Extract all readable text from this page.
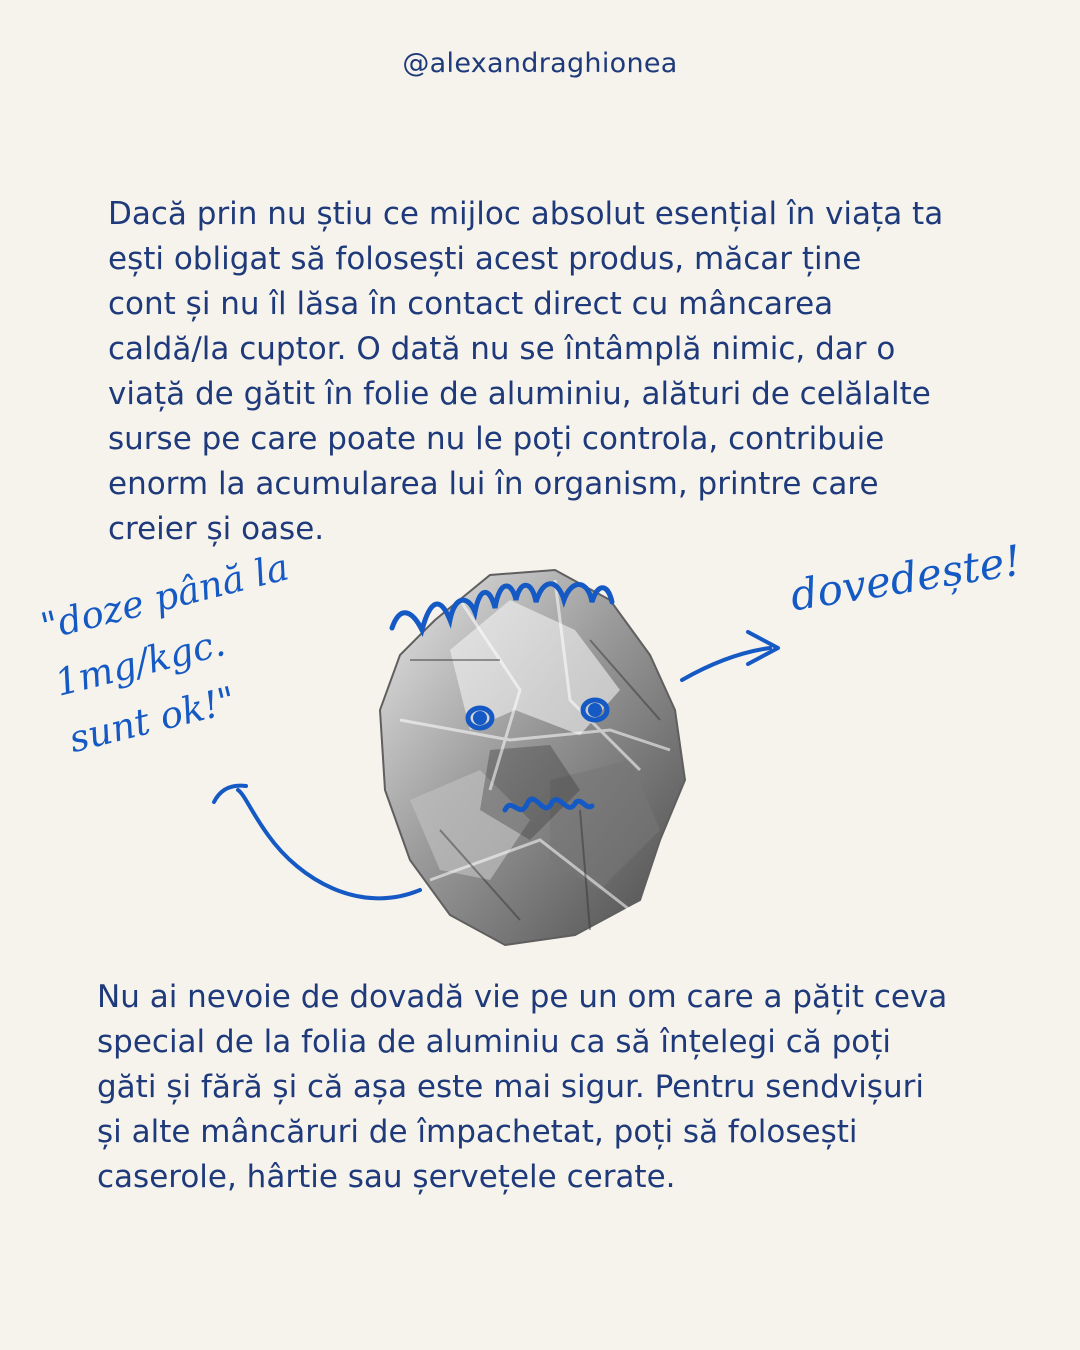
@alexandraghionea

Dacă prin nu știu ce mijloc absolut esențial în viața ta
ești obligat să folosești acest produs, măcar ține
cont și nu îl lăsa în contact direct cu mâncarea
caldă/la cuptor. O dată nu se întâmplă nimic, dar o
viață de gătit în folie de aluminiu, alături de celălalte
surse pe care poate nu le poți controla, contribuie
enorm la acumularea lui în organism, printre care
creier și oase.

"doze până la
1mg/kgc.
sunt ok!"
dovedește!

Nu ai nevoie de dovadă vie pe un om care a pățit ceva
special de la folia de aluminiu ca să înțelegi că poți
găti și fără și că așa este mai sigur. Pentru sendvișuri
și alte mâncăruri de împachetat, poți să folosești
caserole, hârtie sau șervețele cerate.
